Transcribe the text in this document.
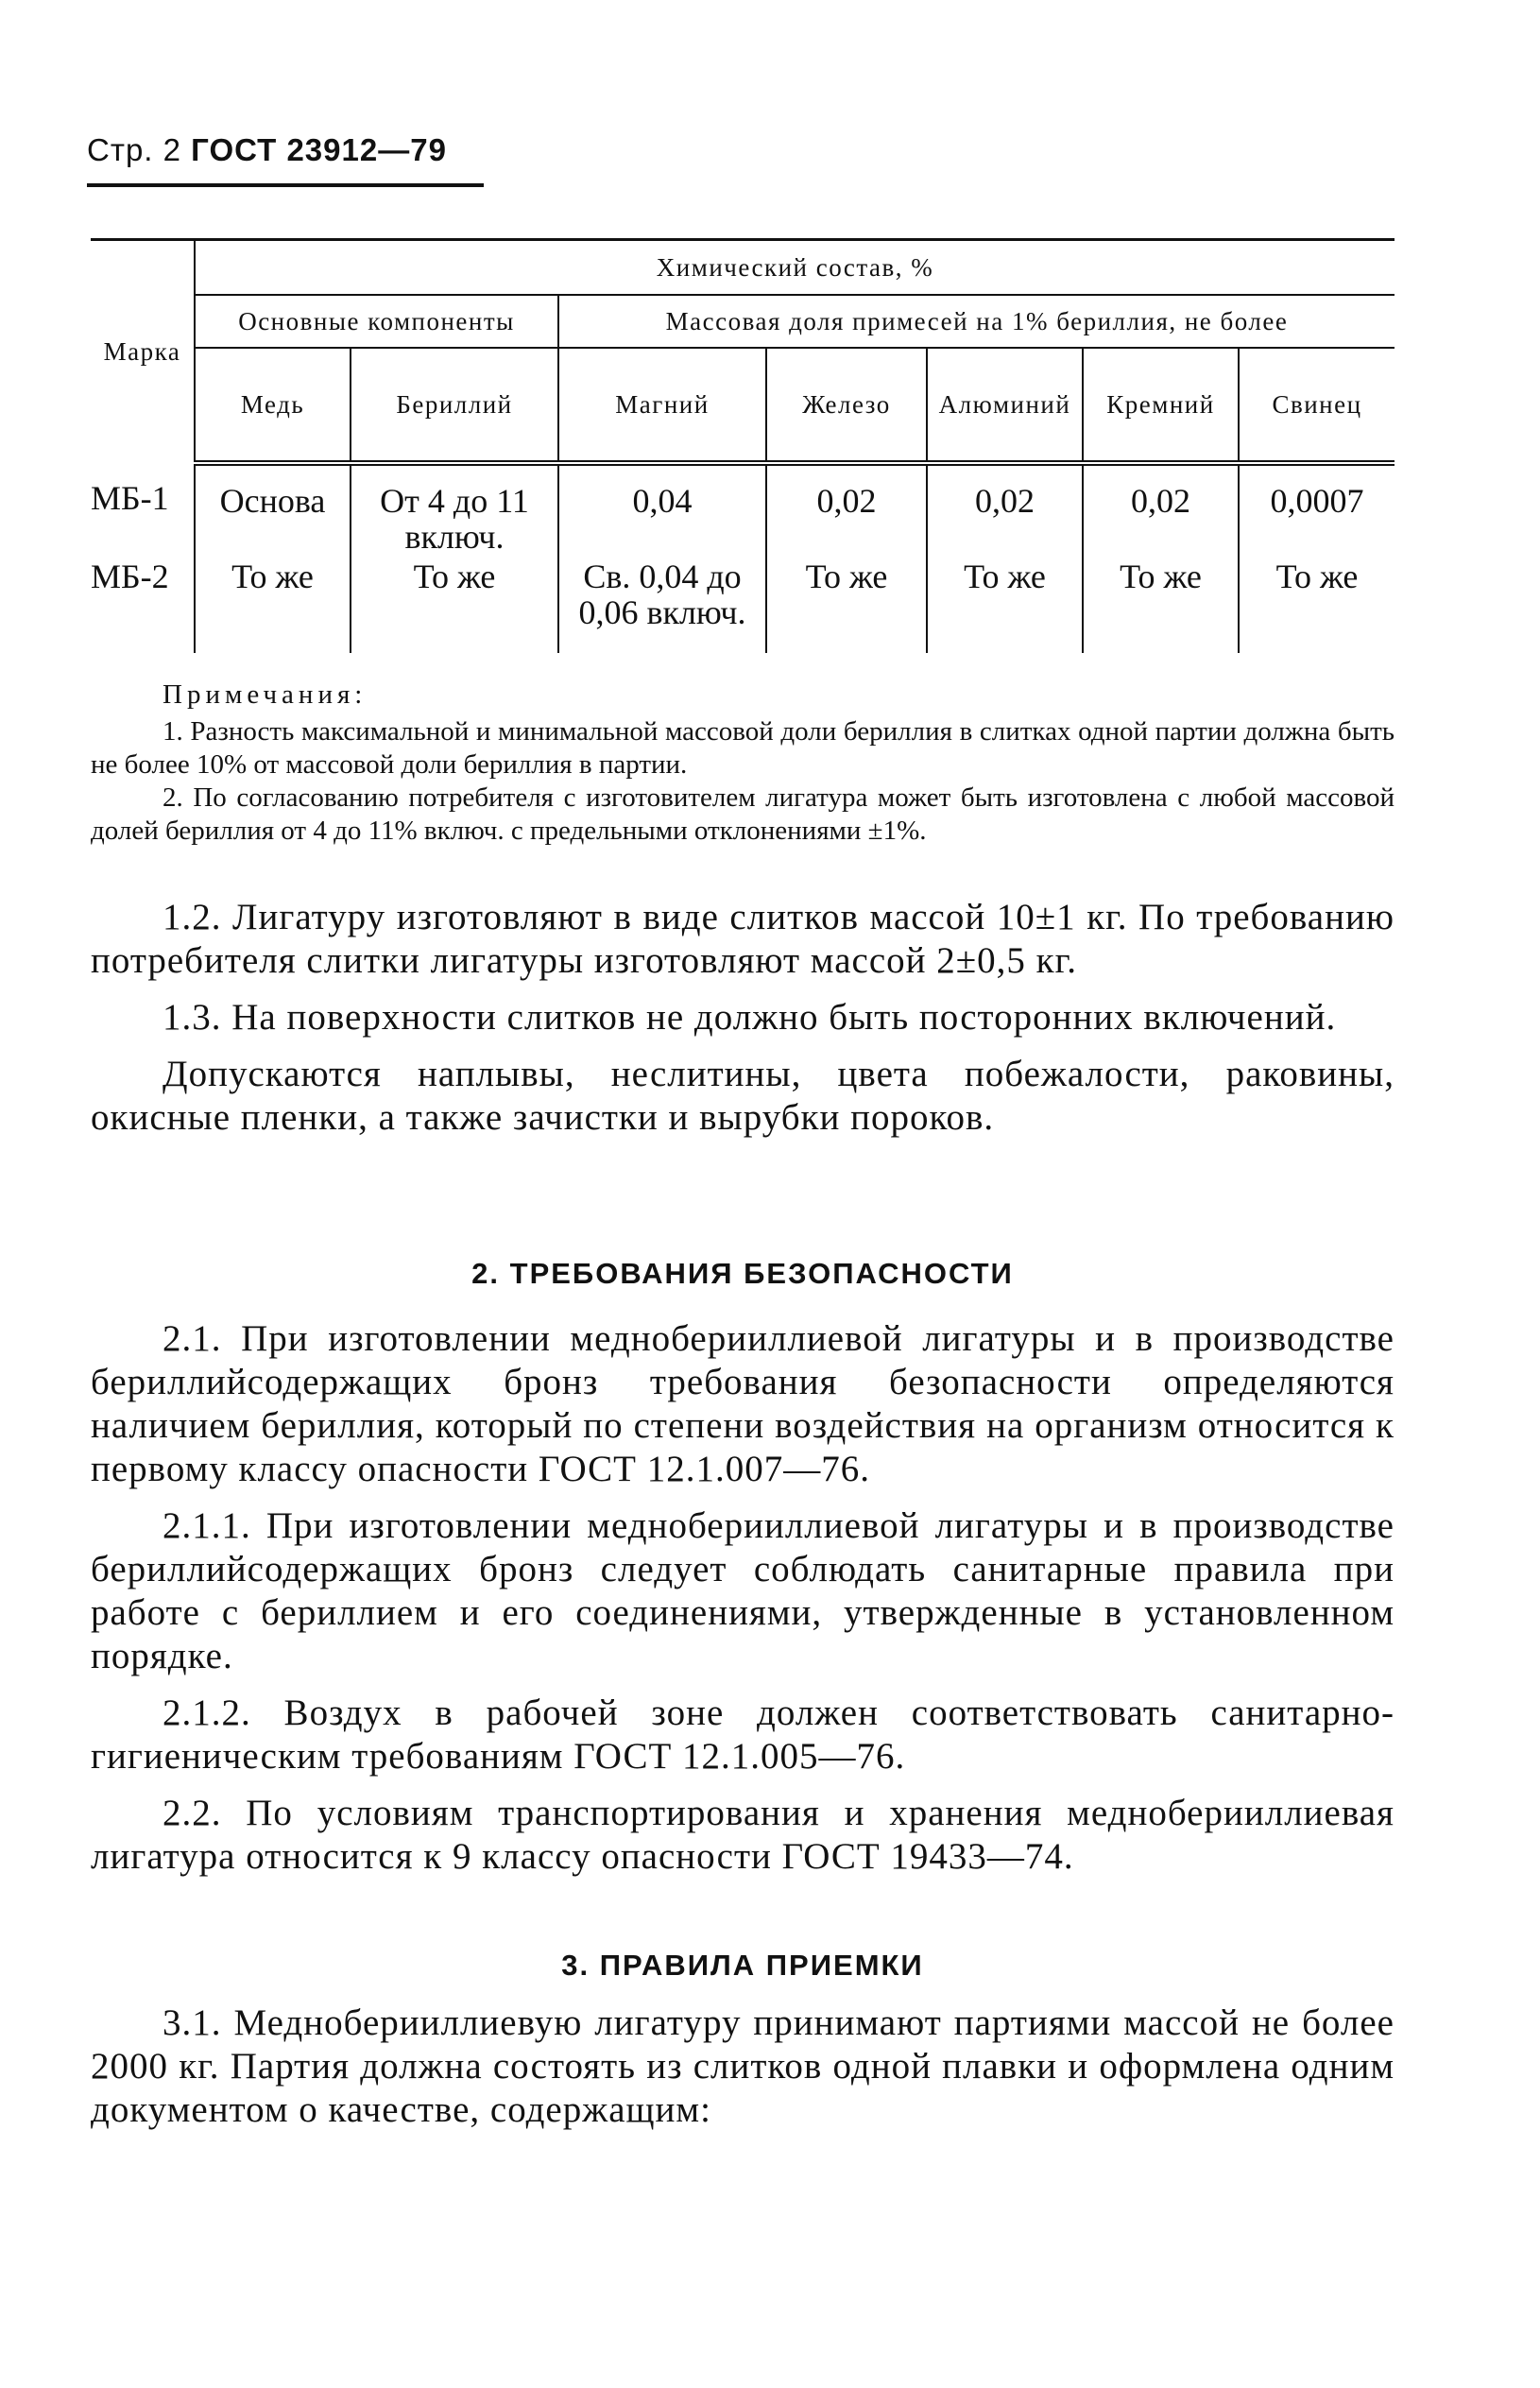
Стр. 2 ГОСТ 23912—79
Марка	Химический состав, %						
	Основные компоненты		Массовая доля примесей на 1% бериллия, не более				
	Медь	Бериллий	Магний	Железо	Алюминий	Кремний	Свинец
МБ-1	Основа	От 4 до 11 включ.	0,04	0,02	0,02	0,02	0,0007
МБ-2	То же	То же	Св. 0,04 до 0,06 включ.	То же	То же	То же	То же
Примечания:

1. Разность максимальной и минимальной массовой доли бериллия в слитках одной партии должна быть не более 10% от массовой доли бериллия в партии.

2. По согласованию потребителя с изготовителем лигатура может быть изготовлена с любой массовой долей бериллия от 4 до 11% включ. с предельными отклонениями ±1%.

1.2. Лигатуру изготовляют в виде слитков массой 10±1 кг. По требованию потребителя слитки лигатуры изготовляют массой 2±0,5 кг.

1.3. На поверхности слитков не должно быть посторонних включений.

Допускаются наплывы, неслитины, цвета побежалости, раковины, окисные пленки, а также зачистки и вырубки пороков.

2. ТРЕБОВАНИЯ БЕЗОПАСНОСТИ

2.1. При изготовлении медноберииллиевой лигатуры и в производстве бериллийсодержащих бронз требования безопасности определяются наличием бериллия, который по степени воздействия на организм относится к первому классу опасности ГОСТ 12.1.007—76.

2.1.1. При изготовлении медноберииллиевой лигатуры и в производстве бериллийсодержащих бронз следует соблюдать санитарные правила при работе с бериллием и его соединениями, утвержденные в установленном порядке.

2.1.2. Воздух в рабочей зоне должен соответствовать санитарно-гигиеническим требованиям ГОСТ 12.1.005—76.

2.2. По условиям транспортирования и хранения медноберииллиевая лигатура относится к 9 классу опасности ГОСТ 19433—74.

3. ПРАВИЛА ПРИЕМКИ

3.1. Медноберииллиевую лигатуру принимают партиями массой не более 2000 кг. Партия должна состоять из слитков одной плавки и оформлена одним документом о качестве, содержащим:
